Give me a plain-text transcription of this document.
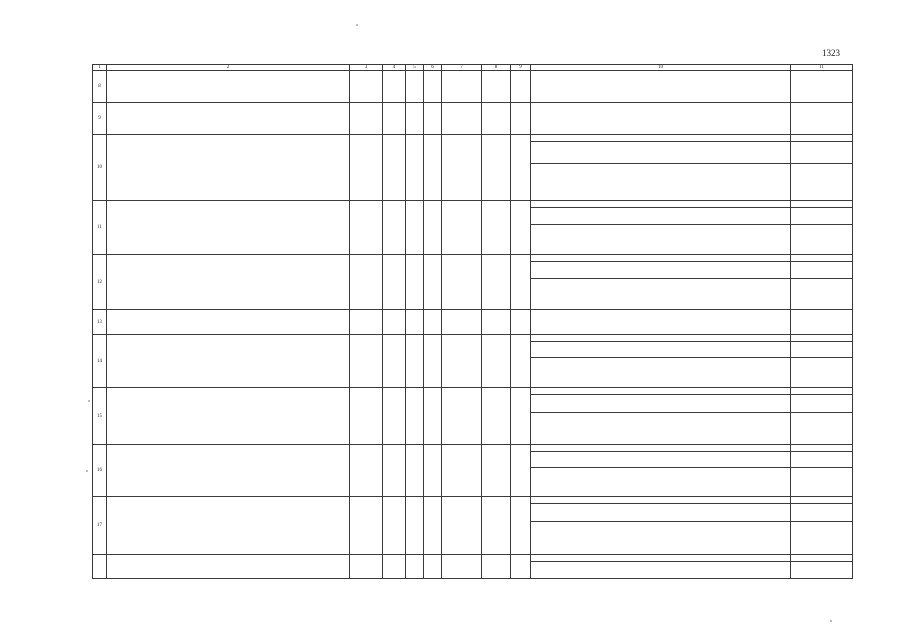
1323
1	2	3	4	5	6	7	8	9	10	11
8
9
10
11
12
13
14
15
16
17
